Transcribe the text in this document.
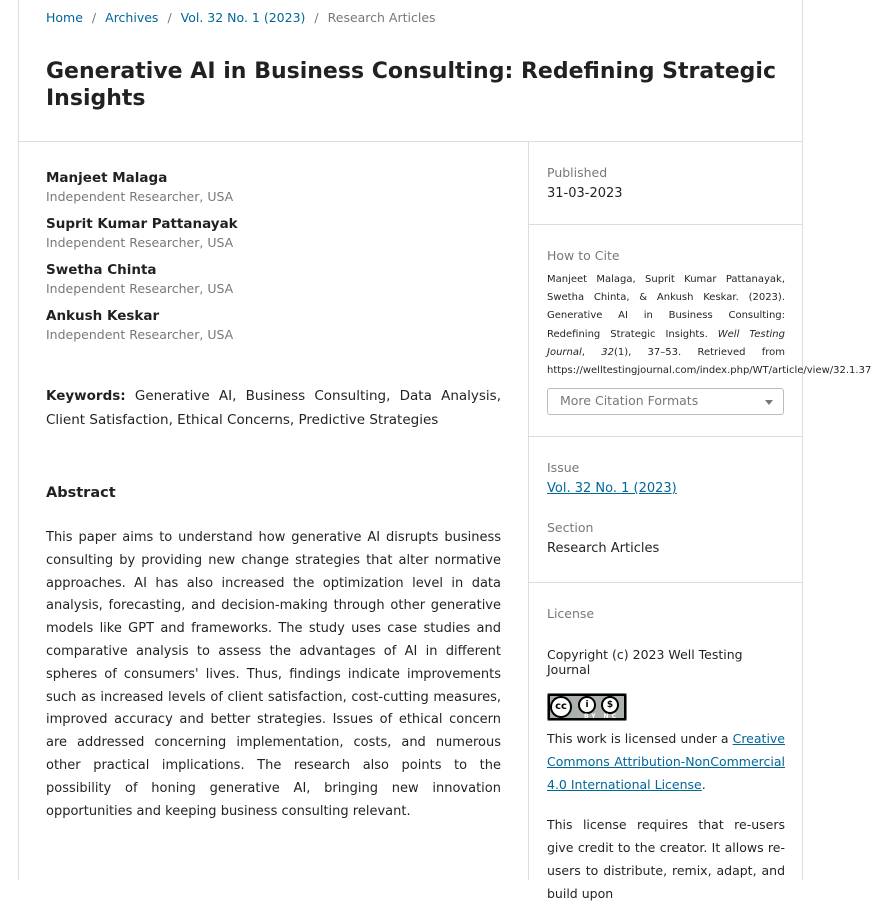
Home / Archives / Vol. 32 No. 1 (2023) / Research Articles
Generative AI in Business Consulting: Redefining Strategic Insights
Manjeet Malaga
Independent Researcher, USA
Suprit Kumar Pattanayak
Independent Researcher, USA
Swetha Chinta
Independent Researcher, USA
Ankush Keskar
Independent Researcher, USA
Keywords: Generative AI, Business Consulting, Data Analysis, Client Satisfaction, Ethical Concerns, Predictive Strategies
Abstract
This paper aims to understand how generative AI disrupts business consulting by providing new change strategies that alter normative approaches. AI has also increased the optimization level in data analysis, forecasting, and decision-making through other generative models like GPT and frameworks. The study uses case studies and comparative analysis to assess the advantages of AI in different spheres of consumers' lives. Thus, findings indicate improvements such as increased levels of client satisfaction, cost-cutting measures, improved accuracy and better strategies. Issues of ethical concern are addressed concerning implementation, costs, and numerous other practical implications. The research also points to the possibility of honing generative AI, bringing new innovation opportunities and keeping business consulting relevant.
Published
31-03-2023
How to Cite
Manjeet Malaga, Suprit Kumar Pattanayak, Swetha Chinta, & Ankush Keskar. (2023). Generative AI in Business Consulting: Redefining Strategic Insights. Well Testing Journal, 32(1), 37–53. Retrieved from https://welltestingjournal.com/index.php/WT/article/view/32.1.37
More Citation Formats
Issue
Vol. 32 No. 1 (2023)
Section
Research Articles
License
Copyright (c) 2023 Well Testing Journal
cc	i	$
BY NC
This work is licensed under a Creative Commons Attribution-NonCommercial 4.0 International License.
This license requires that re-users give credit to the creator. It allows re-users to distribute, remix, adapt, and build upon
